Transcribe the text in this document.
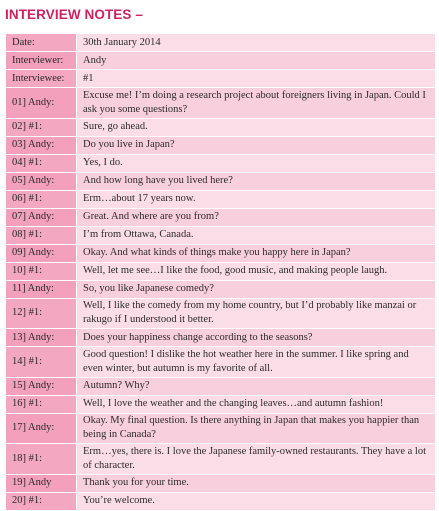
INTERVIEW NOTES –
Date:	30th January 2014
Interviewer:	Andy
Interviewee:	#1
01] Andy:	Excuse me! I’m doing a research project about foreigners living in Japan. Could I ask you some questions?
02] #1:	Sure, go ahead.
03] Andy:	Do you live in Japan?
04] #1:	Yes, I do.
05] Andy:	And how long have you lived here?
06] #1:	Erm…about 17 years now.
07] Andy:	Great. And where are you from?
08] #1:	I’m from Ottawa, Canada.
09] Andy:	Okay. And what kinds of things make you happy here in Japan?
10] #1:	Well, let me see…I like the food, good music, and making people laugh.
11] Andy:	So, you like Japanese comedy?
12] #1:	Well, I like the comedy from my home country, but I’d probably like manzai or rakugo if I understood it better.
13] Andy:	Does your happiness change according to the seasons?
14] #1:	Good question! I dislike the hot weather here in the summer. I like spring and even winter, but autumn is my favorite of all.
15] Andy:	Autumn? Why?
16] #1:	Well, I love the weather and the changing leaves…and autumn fashion!
17] Andy:	Okay. My final question. Is there anything in Japan that makes you happier than being in Canada?
18] #1:	Erm…yes, there is. I love the Japanese family-owned restaurants. They have a lot of character.
19] Andy	Thank you for your time.
20] #1:	You’re welcome.
